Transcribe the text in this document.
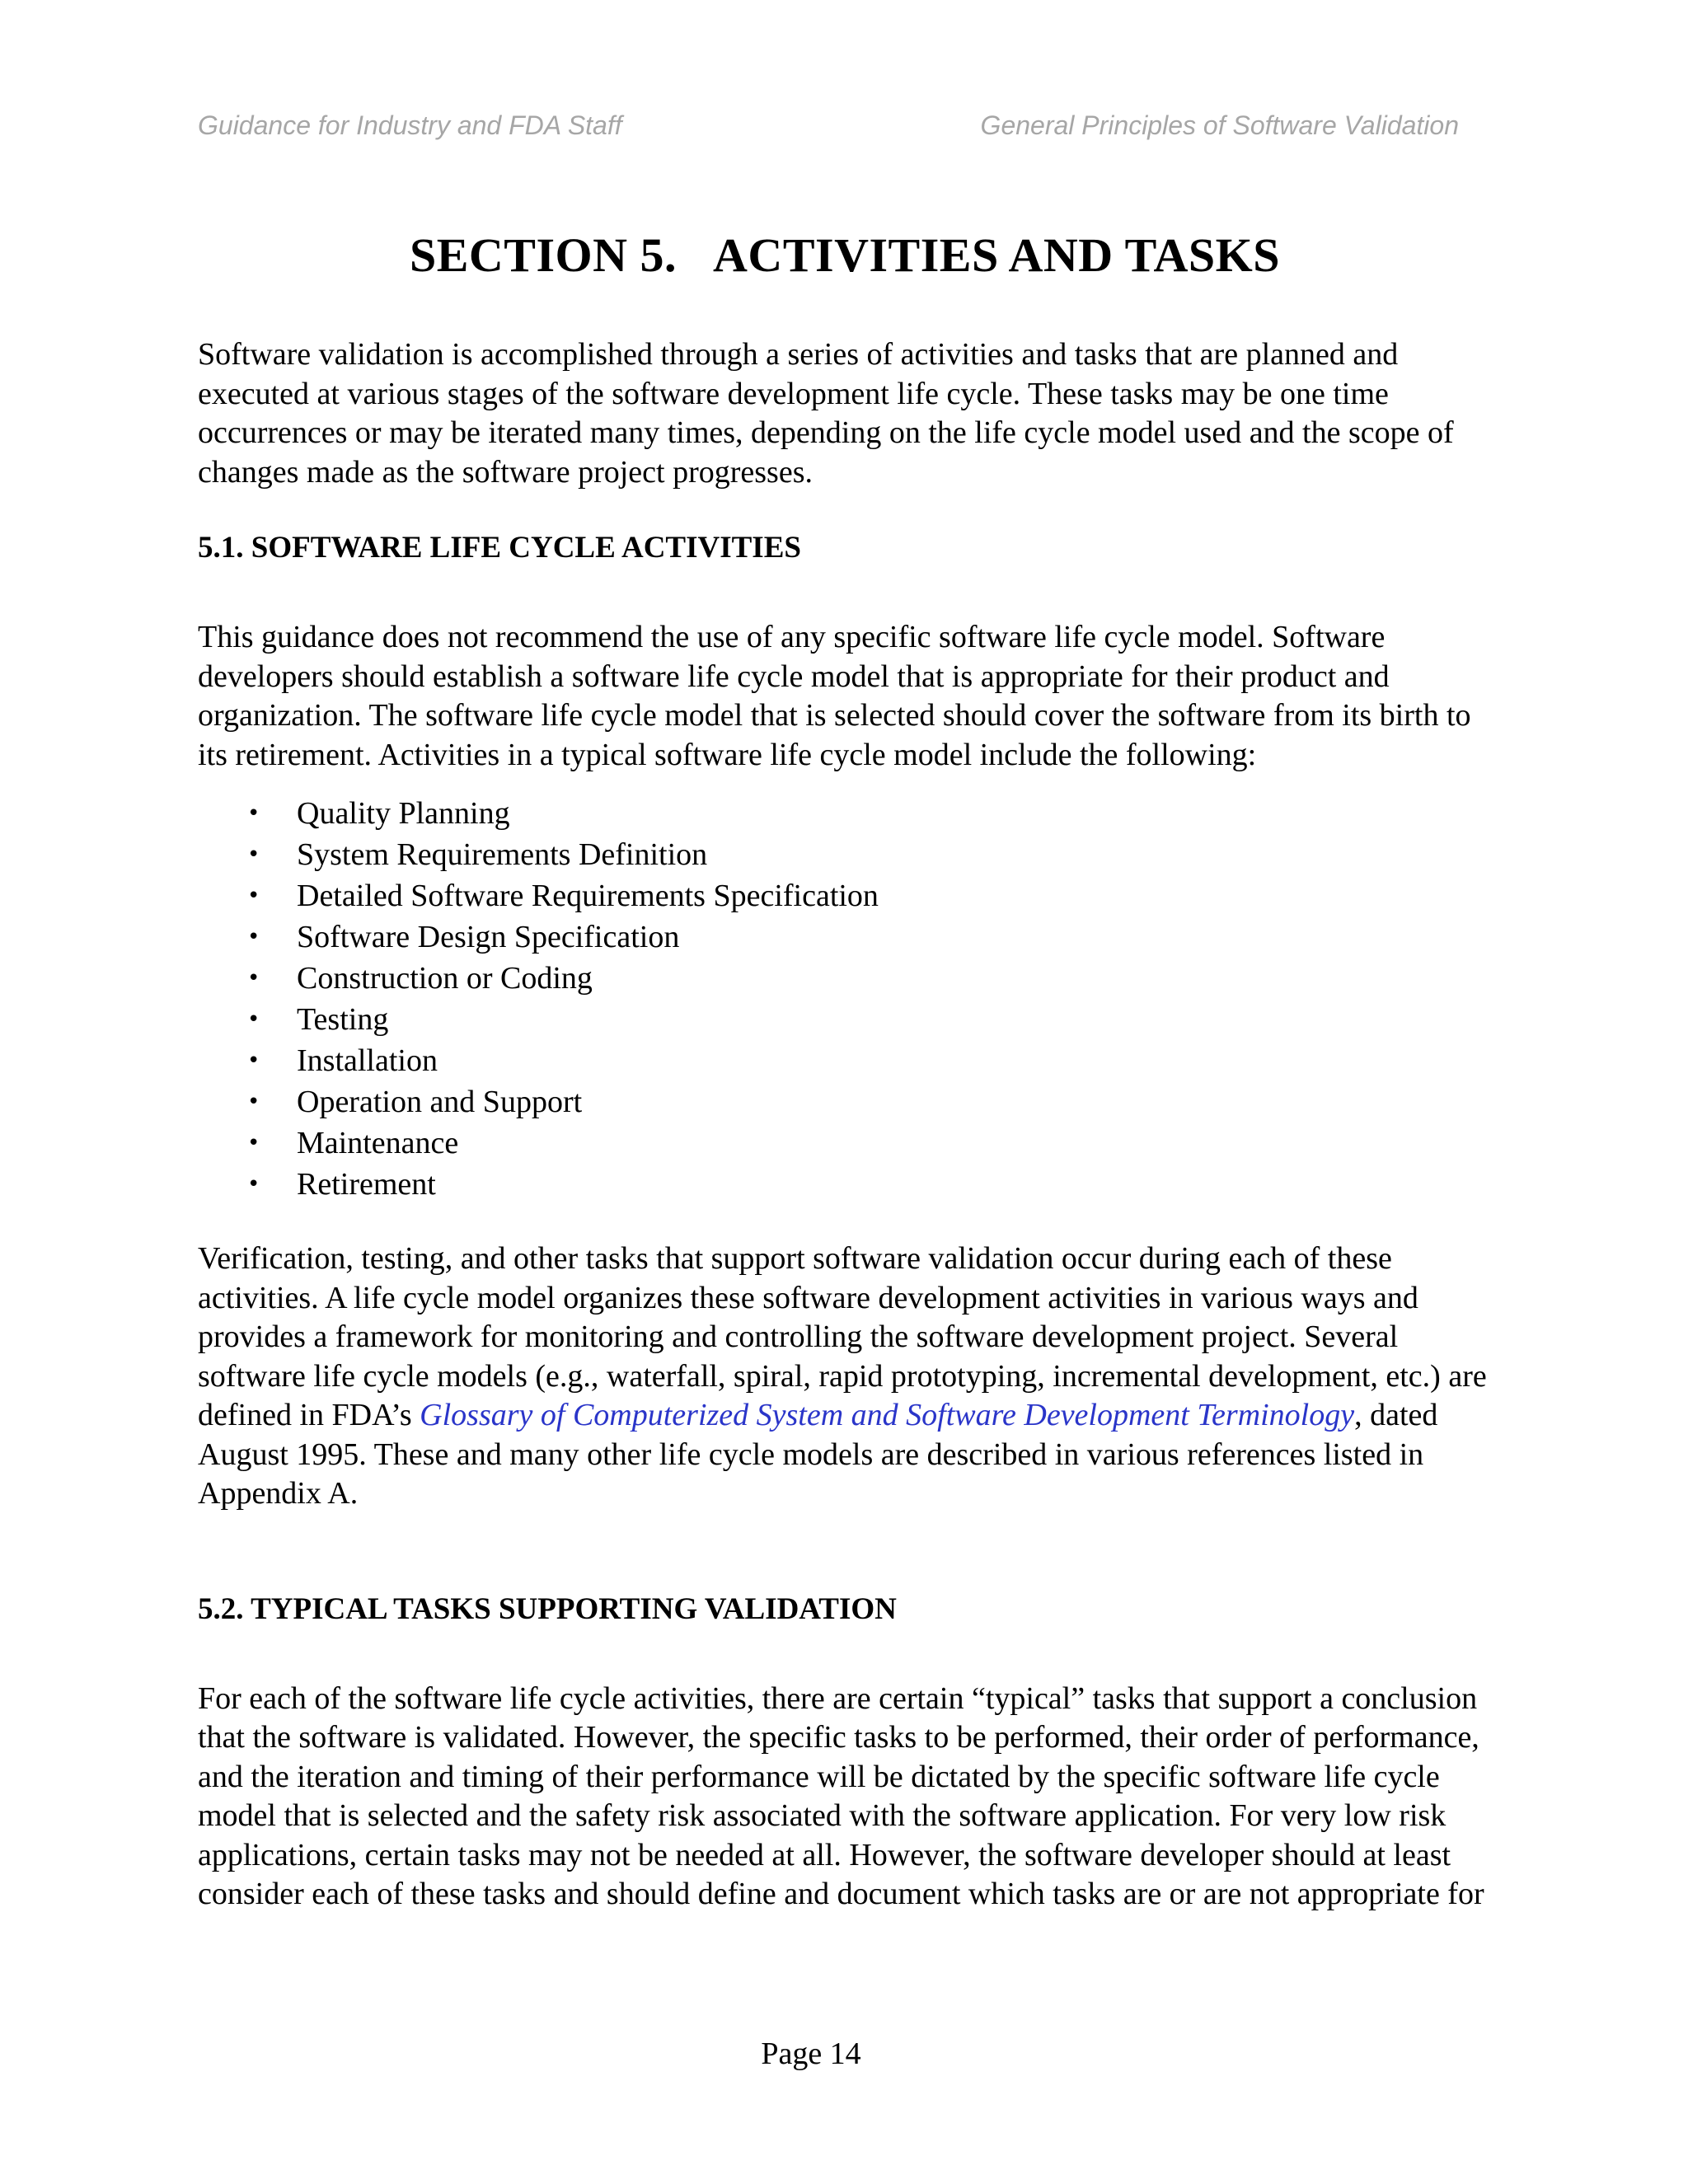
Guidance for Industry and FDA Staff	General Principles of Software Validation
SECTION 5. ACTIVITIES AND TASKS

Software validation is accomplished through a series of activities and tasks that are planned and executed at various stages of the software development life cycle. These tasks may be one time occurrences or may be iterated many times, depending on the life cycle model used and the scope of changes made as the software project progresses.

5.1. SOFTWARE LIFE CYCLE ACTIVITIES

This guidance does not recommend the use of any specific software life cycle model. Software developers should establish a software life cycle model that is appropriate for their product and organization. The software life cycle model that is selected should cover the software from its birth to its retirement. Activities in a typical software life cycle model include the following:

• Quality Planning
• System Requirements Definition
• Detailed Software Requirements Specification
• Software Design Specification
• Construction or Coding
• Testing
• Installation
• Operation and Support
• Maintenance
• Retirement

Verification, testing, and other tasks that support software validation occur during each of these activities. A life cycle model organizes these software development activities in various ways and provides a framework for monitoring and controlling the software development project. Several software life cycle models (e.g., waterfall, spiral, rapid prototyping, incremental development, etc.) are defined in FDA’s Glossary of Computerized System and Software Development Terminology, dated August 1995. These and many other life cycle models are described in various references listed in Appendix A.

5.2. TYPICAL TASKS SUPPORTING VALIDATION

For each of the software life cycle activities, there are certain “typical” tasks that support a conclusion that the software is validated. However, the specific tasks to be performed, their order of performance, and the iteration and timing of their performance will be dictated by the specific software life cycle model that is selected and the safety risk associated with the software application. For very low risk applications, certain tasks may not be needed at all. However, the software developer should at least consider each of these tasks and should define and document which tasks are or are not appropriate for

Page 14
